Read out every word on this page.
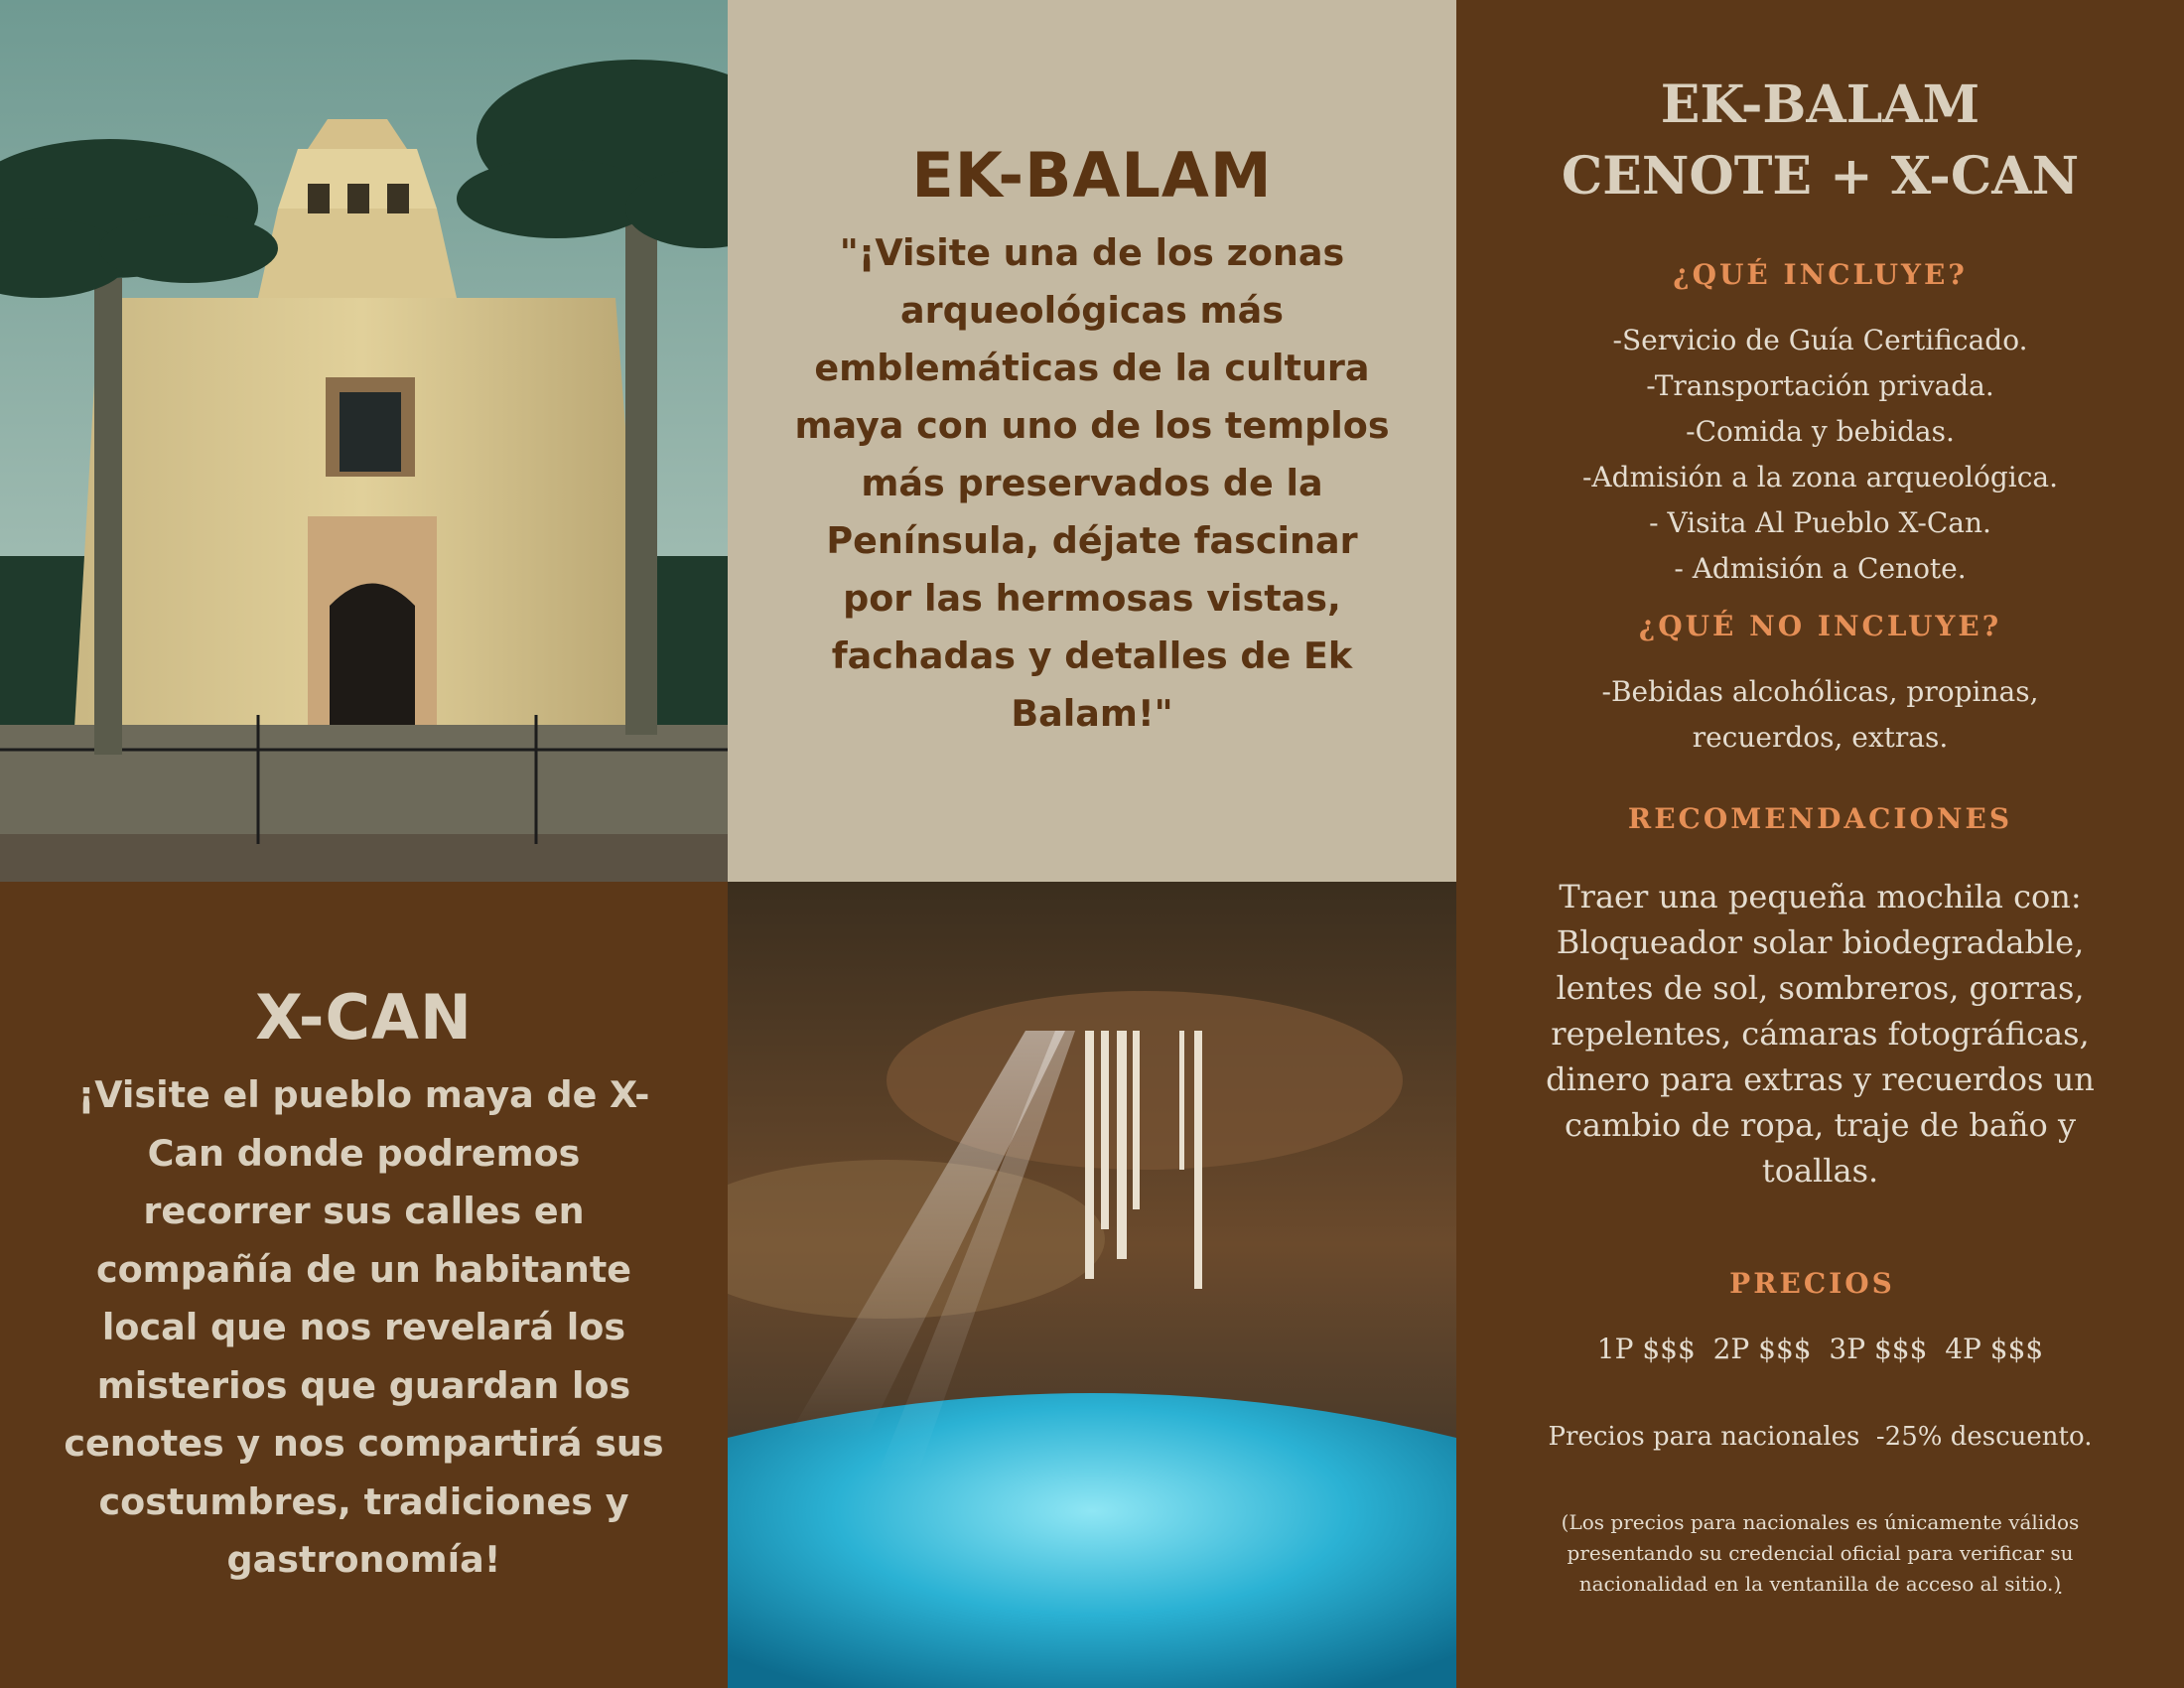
EK-BALAM
"¡Visite una de los zonas arqueológicas más emblemáticas de la cultura maya con uno de los templos más preservados de la Península, déjate fascinar por las hermosas vistas, fachadas y detalles de Ek Balam!"
X-CAN
¡Visite el pueblo maya de X-Can donde podremos recorrer sus calles en compañía de un habitante local que nos revelará los misterios que guardan los cenotes y nos compartirá sus costumbres, tradiciones y gastronomía!
EK-BALAM
CENOTE + X-CAN
¿QUÉ INCLUYE?
-Servicio de Guía Certificado.
-Transportación privada.
-Comida y bebidas.
-Admisión a la zona arqueológica.
- Visita Al Pueblo X-Can.
- Admisión a Cenote.
¿QUÉ NO INCLUYE?
-Bebidas alcohólicas, propinas,
recuerdos, extras.
RECOMENDACIONES
Traer una pequeña mochila con:
Bloqueador solar biodegradable,
lentes de sol, sombreros, gorras,
repelentes, cámaras fotográficas,
dinero para extras y recuerdos un
cambio de ropa, traje de baño y
toallas.
PRECIOS
1P $$$  2P $$$  3P $$$  4P $$$
Precios para nacionales  -25% descuento.
(Los precios para nacionales es únicamente válidos
presentando su credencial oficial para verificar su
nacionalidad en la ventanilla de acceso al sitio.)
